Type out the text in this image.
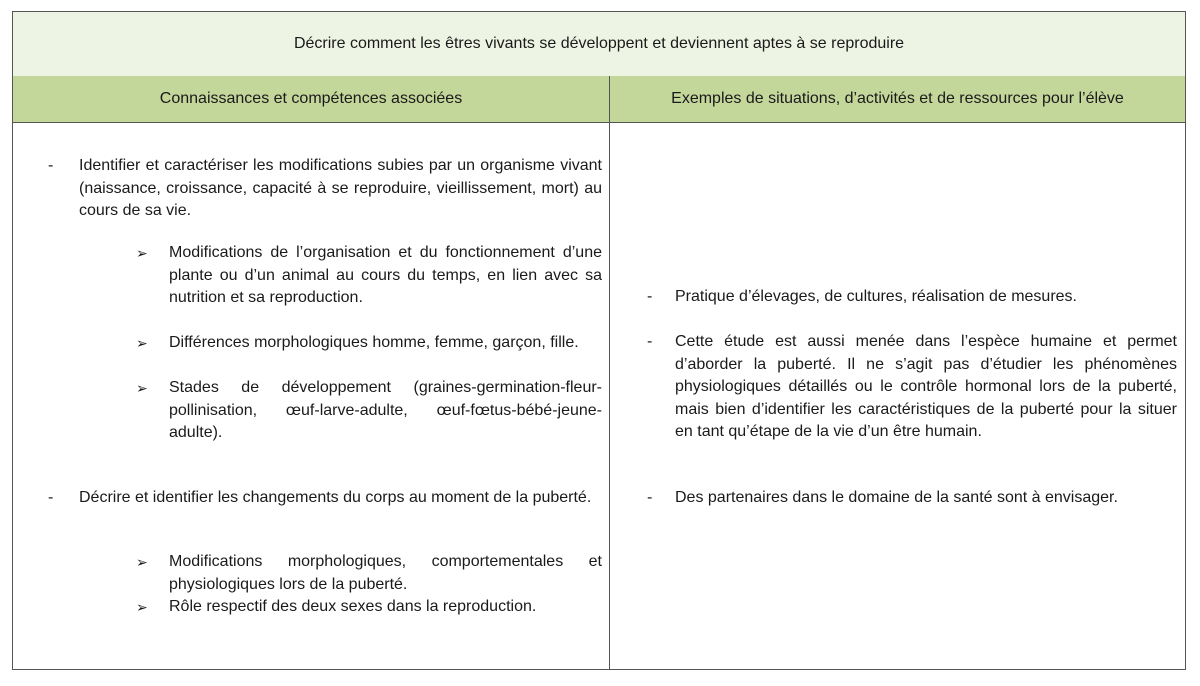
Décrire comment les êtres vivants se développent et deviennent aptes à se reproduire
Connaissances et compétences associées	Exemples de situations, d’activités et de ressources pour l’élève
- Identifier et caractériser les modifications subies par un organisme vivant (naissance, croissance, capacité à se reproduire, vieillissement, mort) au cours de sa vie.
➢ Modifications de l’organisation et du fonctionnement d’une plante ou d’un animal au cours du temps, en lien avec sa nutrition et sa reproduction.
➢ Différences morphologiques homme, femme, garçon, fille.
➢ Stades de développement (graines-germination-fleur-pollinisation, œuf-larve-adulte, œuf-fœtus-bébé-jeune-adulte).
- Décrire et identifier les changements du corps au moment de la puberté.
➢ Modifications morphologiques, comportementales et physiologiques lors de la puberté.
➢ Rôle respectif des deux sexes dans la reproduction.
- Pratique d’élevages, de cultures, réalisation de mesures.
- Cette étude est aussi menée dans l’espèce humaine et permet d’aborder la puberté. Il ne s’agit pas d’étudier les phénomènes physiologiques détaillés ou le contrôle hormonal lors de la puberté, mais bien d’identifier les caractéristiques de la puberté pour la situer en tant qu’étape de la vie d’un être humain.
- Des partenaires dans le domaine de la santé sont à envisager.
